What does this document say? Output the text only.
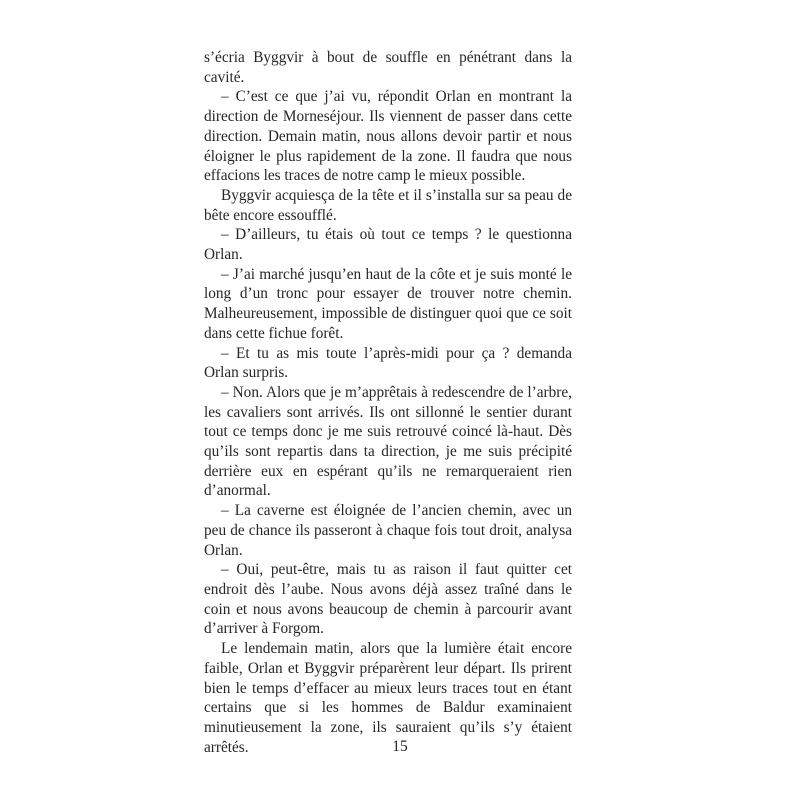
s’écria Byggvir à bout de souffle en pénétrant dans la cavité.

– C’est ce que j’ai vu, répondit Orlan en montrant la direction de Morneséjour. Ils viennent de passer dans cette direction. Demain matin, nous allons devoir partir et nous éloigner le plus rapidement de la zone. Il faudra que nous effacions les traces de notre camp le mieux possible.

Byggvir acquiesça de la tête et il s’installa sur sa peau de bête encore essoufflé.

– D’ailleurs, tu étais où tout ce temps ? le questionna Orlan.

– J’ai marché jusqu’en haut de la côte et je suis monté le long d’un tronc pour essayer de trouver notre chemin. Malheureusement, impossible de distinguer quoi que ce soit dans cette fichue forêt.

– Et tu as mis toute l’après-midi pour ça ? demanda Orlan surpris.

– Non. Alors que je m’apprêtais à redescendre de l’arbre, les cavaliers sont arrivés. Ils ont sillonné le sentier durant tout ce temps donc je me suis retrouvé coincé là-haut. Dès qu’ils sont repartis dans ta direction, je me suis précipité derrière eux en espérant qu’ils ne remarqueraient rien d’anormal.

– La caverne est éloignée de l’ancien chemin, avec un peu de chance ils passeront à chaque fois tout droit, analysa Orlan.

– Oui, peut-être, mais tu as raison il faut quitter cet endroit dès l’aube. Nous avons déjà assez traîné dans le coin et nous avons beaucoup de chemin à parcourir avant d’arriver à Forgom.

Le lendemain matin, alors que la lumière était encore faible, Orlan et Byggvir préparèrent leur départ. Ils prirent bien le temps d’effacer au mieux leurs traces tout en étant certains que si les hommes de Baldur examinaient minutieusement la zone, ils sauraient qu’ils s’y étaient arrêtés.	15
